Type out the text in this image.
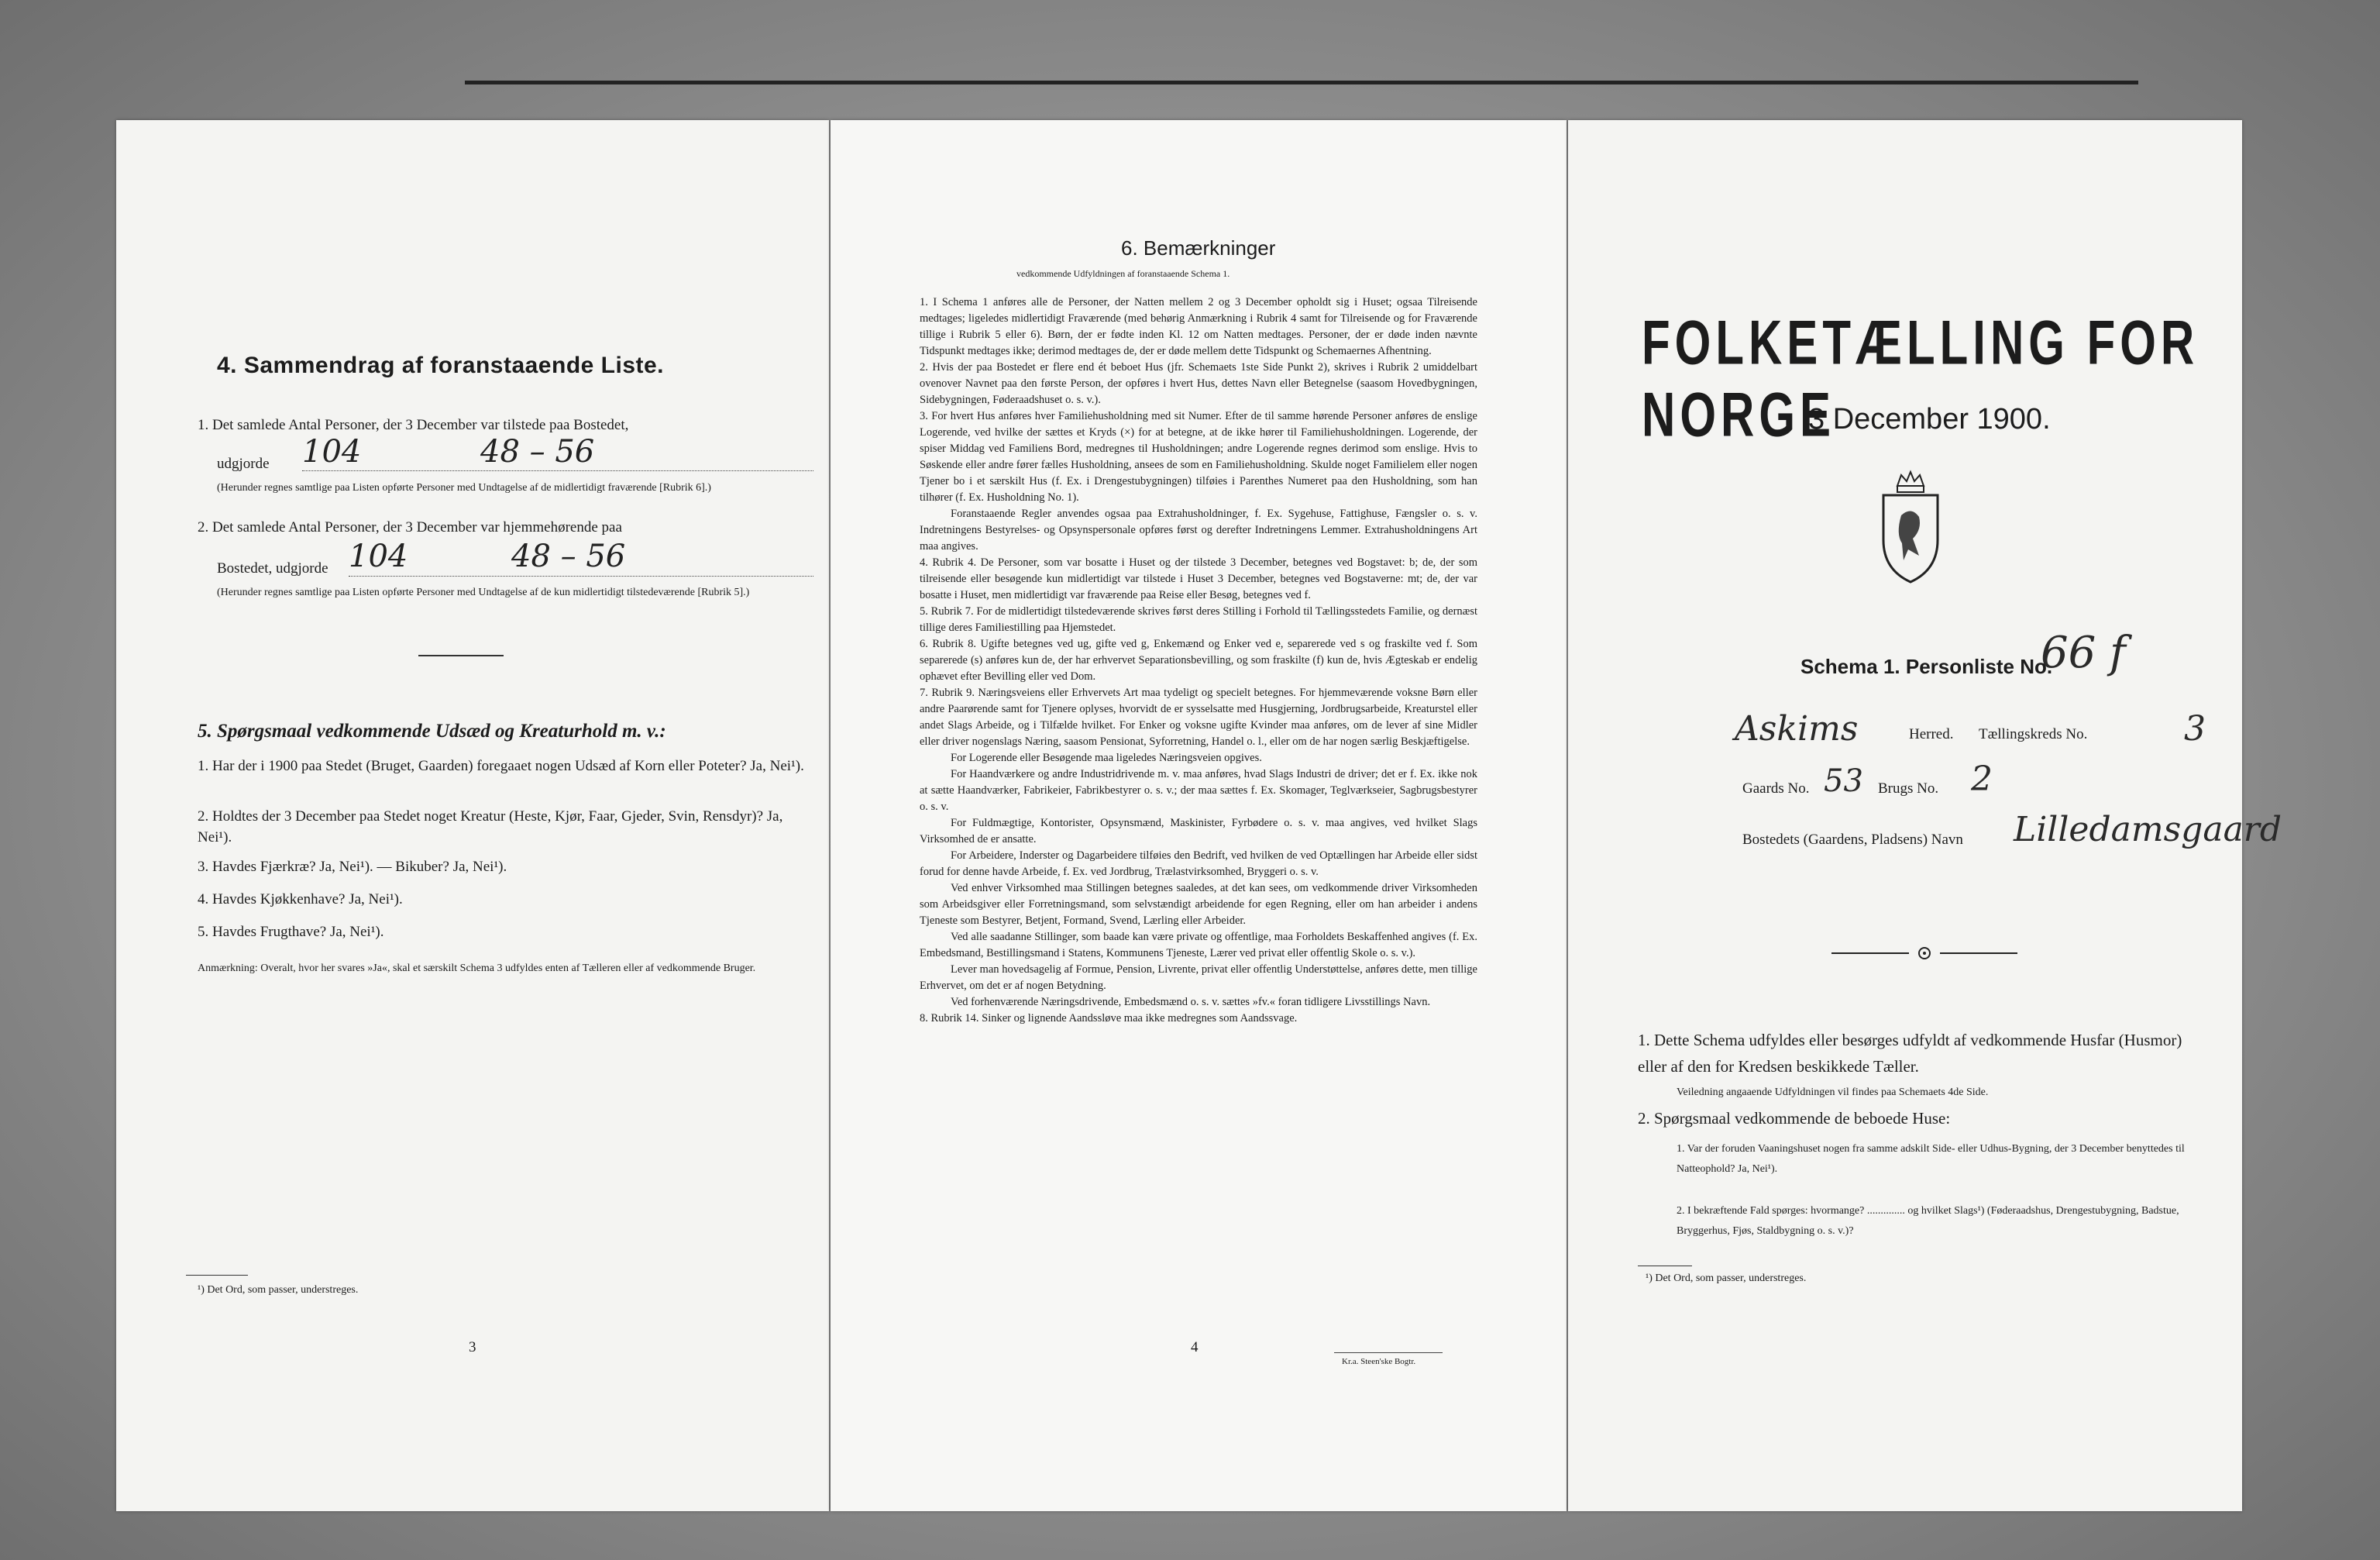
4. Sammendrag af foranstaaende Liste.
1. Det samlede Antal Personer, der 3 December var tilstede paa Bostedet,
udgjorde 104	48 – 56
(Herunder regnes samtlige paa Listen opførte Personer med Undtagelse af de midlertidigt fraværende [Rubrik 6].)
2. Det samlede Antal Personer, der 3 December var hjemmehørende paa
Bostedet, udgjorde 104	48 – 56
(Herunder regnes samtlige paa Listen opførte Personer med Undtagelse af de kun midlertidigt tilstedeværende [Rubrik 5].)
5. Spørgsmaal vedkommende Udsæd og Kreaturhold m. v.:
1. Har der i 1900 paa Stedet (Bruget, Gaarden) foregaaet nogen Udsæd af Korn eller Poteter? Ja, Nei¹).
2. Holdtes der 3 December paa Stedet noget Kreatur (Heste, Kjør, Faar, Gjeder, Svin, Rensdyr)? Ja, Nei¹).
3. Havdes Fjærkræ? Ja, Nei¹). — Bikuber? Ja, Nei¹).
4. Havdes Kjøkkenhave? Ja, Nei¹).
5. Havdes Frugthave? Ja, Nei¹).
Anmærkning: Overalt, hvor her svares »Ja«, skal et særskilt Schema 3 udfyldes enten af Tælleren eller af vedkommende Bruger.
¹) Det Ord, som passer, understreges.
3
6. Bemærkninger
vedkommende Udfyldningen af foranstaaende Schema 1.

1. I Schema 1 anføres alle de Personer, der Natten mellem 2 og 3 December opholdt sig i Huset; ogsaa Tilreisende medtages; ligeledes midlertidigt Fraværende (med behørig Anmærkning i Rubrik 4 samt for Tilreisende og for Fraværende tillige i Rubrik 5 eller 6). Børn, der er fødte inden Kl. 12 om Natten medtages. Personer, der er døde inden nævnte Tidspunkt medtages ikke; derimod medtages de, der er døde mellem dette Tidspunkt og Schemaernes Afhentning.

2. Hvis der paa Bostedet er flere end ét beboet Hus (jfr. Schemaets 1ste Side Punkt 2), skrives i Rubrik 2 umiddelbart ovenover Navnet paa den første Person, der opføres i hvert Hus, dettes Navn eller Betegnelse (saasom Hovedbygningen, Sidebygningen, Føderaadshuset o. s. v.).

3. For hvert Hus anføres hver Familiehusholdning med sit Numer. Efter de til samme hørende Personer anføres de enslige Logerende, ved hvilke der sættes et Kryds (×) for at betegne, at de ikke hører til Familiehusholdningen. Logerende, der spiser Middag ved Familiens Bord, medregnes til Husholdningen; andre Logerende regnes derimod som enslige. Hvis to Søskende eller andre fører fælles Husholdning, ansees de som en Familiehusholdning. Skulde noget Familielem eller nogen Tjener bo i et særskilt Hus (f. Ex. i Drengestubygningen) tilføies i Parenthes Numeret paa den Husholdning, som han tilhører (f. Ex. Husholdning No. 1).

Foranstaaende Regler anvendes ogsaa paa Extrahusholdninger, f. Ex. Sygehuse, Fattighuse, Fængsler o. s. v. Indretningens Bestyrelses- og Opsynspersonale opføres først og derefter Indretningens Lemmer. Extrahusholdningens Art maa angives.

4. Rubrik 4. De Personer, som var bosatte i Huset og der tilstede 3 December, betegnes ved Bogstavet: b; de, der som tilreisende eller besøgende kun midlertidigt var tilstede i Huset 3 December, betegnes ved Bogstaverne: mt; de, der var bosatte i Huset, men midlertidigt var fraværende paa Reise eller Besøg, betegnes ved f.

5. Rubrik 7. For de midlertidigt tilstedeværende skrives først deres Stilling i Forhold til Tællingsstedets Familie, og dernæst tillige deres Familiestilling paa Hjemstedet.

6. Rubrik 8. Ugifte betegnes ved ug, gifte ved g, Enkemænd og Enker ved e, separerede ved s og fraskilte ved f. Som separerede (s) anføres kun de, der har erhvervet Separationsbevilling, og som fraskilte (f) kun de, hvis Ægteskab er endelig ophævet efter Bevilling eller ved Dom.

7. Rubrik 9. Næringsveiens eller Erhvervets Art maa tydeligt og specielt betegnes. For hjemmeværende voksne Børn eller andre Paarørende samt for Tjenere oplyses, hvorvidt de er sysselsatte med Husgjerning, Jordbrugsarbeide, Kreaturstel eller andet Slags Arbeide, og i Tilfælde hvilket. For Enker og voksne ugifte Kvinder maa anføres, om de lever af sine Midler eller driver nogenslags Næring, saasom Pensionat, Syforretning, Handel o. l., eller om de har nogen særlig Beskjæftigelse.

For Logerende eller Besøgende maa ligeledes Næringsveien opgives.

For Haandværkere og andre Industridrivende m. v. maa anføres, hvad Slags Industri de driver; det er f. Ex. ikke nok at sætte Haandværker, Fabrikeier, Fabrikbestyrer o. s. v.; der maa sættes f. Ex. Skomager, Teglværkseier, Sagbrugsbestyrer o. s. v.

For Fuldmægtige, Kontorister, Opsynsmænd, Maskinister, Fyrbødere o. s. v. maa angives, ved hvilket Slags Virksomhed de er ansatte.

For Arbeidere, Inderster og Dagarbeidere tilføies den Bedrift, ved hvilken de ved Optællingen har Arbeide eller sidst forud for denne havde Arbeide, f. Ex. ved Jordbrug, Trælastvirksomhed, Bryggeri o. s. v.

Ved enhver Virksomhed maa Stillingen betegnes saaledes, at det kan sees, om vedkommende driver Virksomheden som Arbeidsgiver eller Forretningsmand, som selvstændigt arbeidende for egen Regning, eller om han arbeider i andens Tjeneste som Bestyrer, Betjent, Formand, Svend, Lærling eller Arbeider.

Ved alle saadanne Stillinger, som baade kan være private og offentlige, maa Forholdets Beskaffenhed angives (f. Ex. Embedsmand, Bestillingsmand i Statens, Kommunens Tjeneste, Lærer ved privat eller offentlig Skole o. s. v.).

Lever man hovedsagelig af Formue, Pension, Livrente, privat eller offentlig Understøttelse, anføres dette, men tillige Erhvervet, om det er af nogen Betydning.

Ved forhenværende Næringsdrivende, Embedsmænd o. s. v. sættes »fv.« foran tidligere Livsstillings Navn.

8. Rubrik 14. Sinker og lignende Aandssløve maa ikke medregnes som Aandssvage.

4
Kr.a. Steen'ske Bogtr.
FOLKETÆLLING FOR NORGE
3 December 1900.
Schema 1. Personliste No.
66 f
Askims	Herred. Tællingskreds No.	3
Gaards No. 53 Brugs No. 2
Bostedets (Gaardens, Pladsens) Navn Lilledamsgaard
1. Dette Schema udfyldes eller besørges udfyldt af vedkommende Husfar (Husmor) eller af den for Kredsen beskikkede Tæller.
Veiledning angaaende Udfyldningen vil findes paa Schemaets 4de Side.
2. Spørgsmaal vedkommende de beboede Huse:
1. Var der foruden Vaaningshuset nogen fra samme adskilt Side- eller Udhus-Bygning, der 3 December benyttedes til Natteophold? Ja, Nei¹).
2. I bekræftende Fald spørges: hvormange? .............. og hvilket Slags¹) (Føderaadshus, Drengestubygning, Badstue, Bryggerhus, Fjøs, Staldbygning o. s. v.)?
¹) Det Ord, som passer, understreges.
